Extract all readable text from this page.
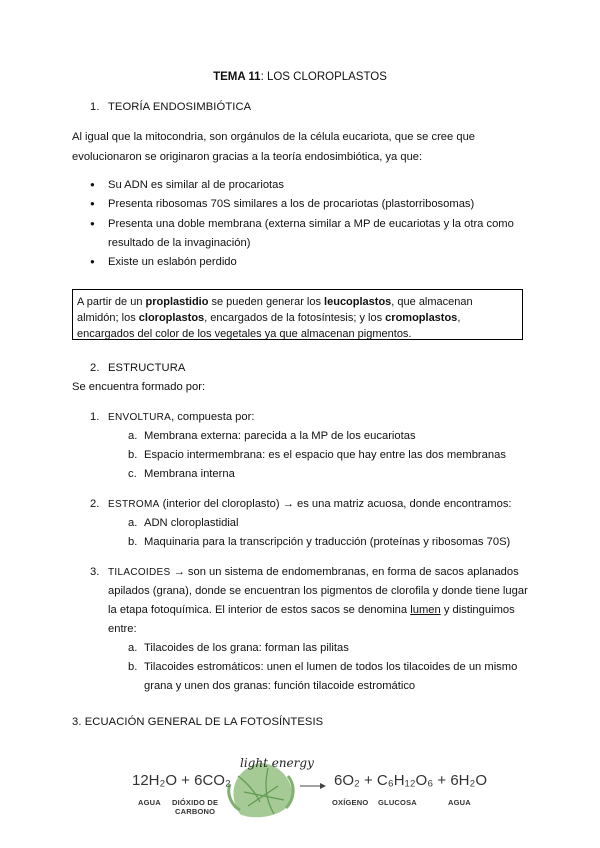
TEMA 11: LOS CLOROPLASTOS
1. TEORÍA ENDOSIMBIÓTICA
Al igual que la mitocondria, son orgánulos de la célula eucariota, que se cree que
evolucionaron se originaron gracias a la teoría endosimbiótica, ya que:
Su ADN es similar al de procariotas
Presenta ribosomas 70S similares a los de procariotas (plastorribosomas)
Presenta una doble membrana (externa similar a MP de eucariotas y la otra como
resultado de la invaginación)
Existe un eslabón perdido
A partir de un proplastidio se pueden generar los leucoplastos, que almacenan
almidón; los cloroplastos, encargados de la fotosíntesis; y los cromoplastos,
encargados del color de los vegetales ya que almacenan pigmentos.
2. ESTRUCTURA
Se encuentra formado por:
1. ENVOLTURA, compuesta por:
a. Membrana externa: parecida a la MP de los eucariotas
b. Espacio intermembrana: es el espacio que hay entre las dos membranas
c. Membrana interna
2. ESTROMA (interior del cloroplasto) → es una matriz acuosa, donde encontramos:
a. ADN cloroplastidial
b. Maquinaria para la transcripción y traducción (proteínas y ribosomas 70S)
3. TILACOIDES → son un sistema de endomembranas, en forma de sacos aplanados
apilados (grana), donde se encuentran los pigmentos de clorofila y donde tiene lugar
la etapa fotoquímica. El interior de estos sacos se denomina lumen y distinguimos
entre:
a. Tilacoides de los grana: forman las pilitas
b. Tilacoides estromáticos: unen el lumen de todos los tilacoides de un mismo
grana y unen dos granas: función tilacoide estromático
3. ECUACIÓN GENERAL DE LA FOTOSÍNTESIS
12H₂O + 6CO₂
light energy
6O₂ + C₆H₁₂O₆ + 6H₂O
AGUA DIÓXIDO DE
CARBONO
OXÍGENO GLUCOSA	AGUA
